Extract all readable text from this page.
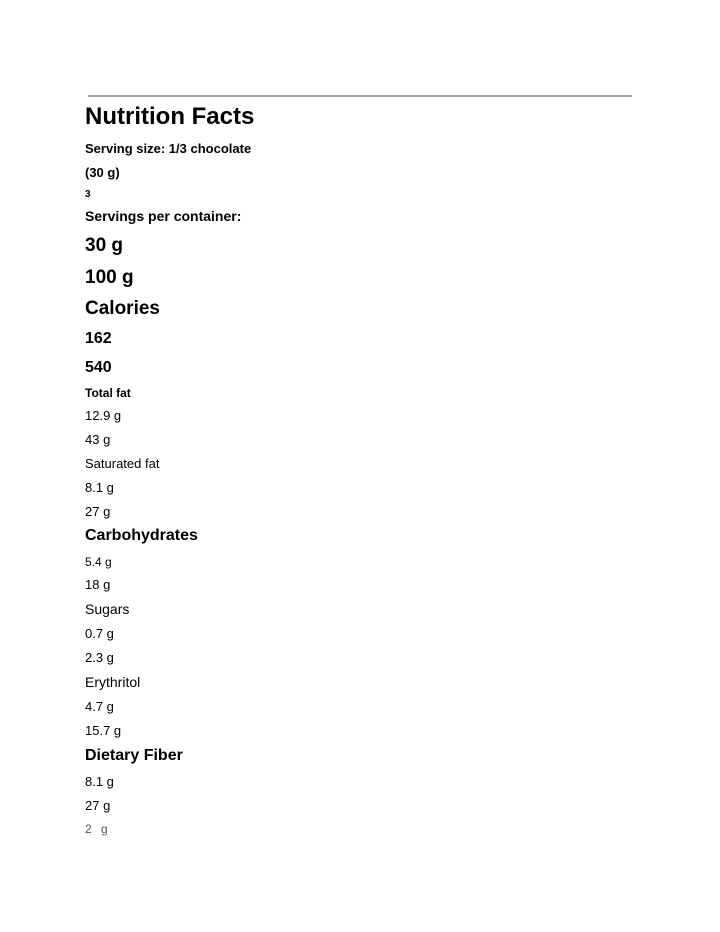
Nutrition Facts
Serving size: 1/3 chocolate
(30 g)
3
Servings per container:
30 g
100 g
Calories
162
540
Total fat
12.9 g
43 g
Saturated fat
8.1 g
27 g
Carbohydrates
5.4 g
18 g
Sugars
0.7 g
2.3 g
Erythritol
4.7 g
15.7 g
Dietary Fiber
8.1 g
27 g
2 g
